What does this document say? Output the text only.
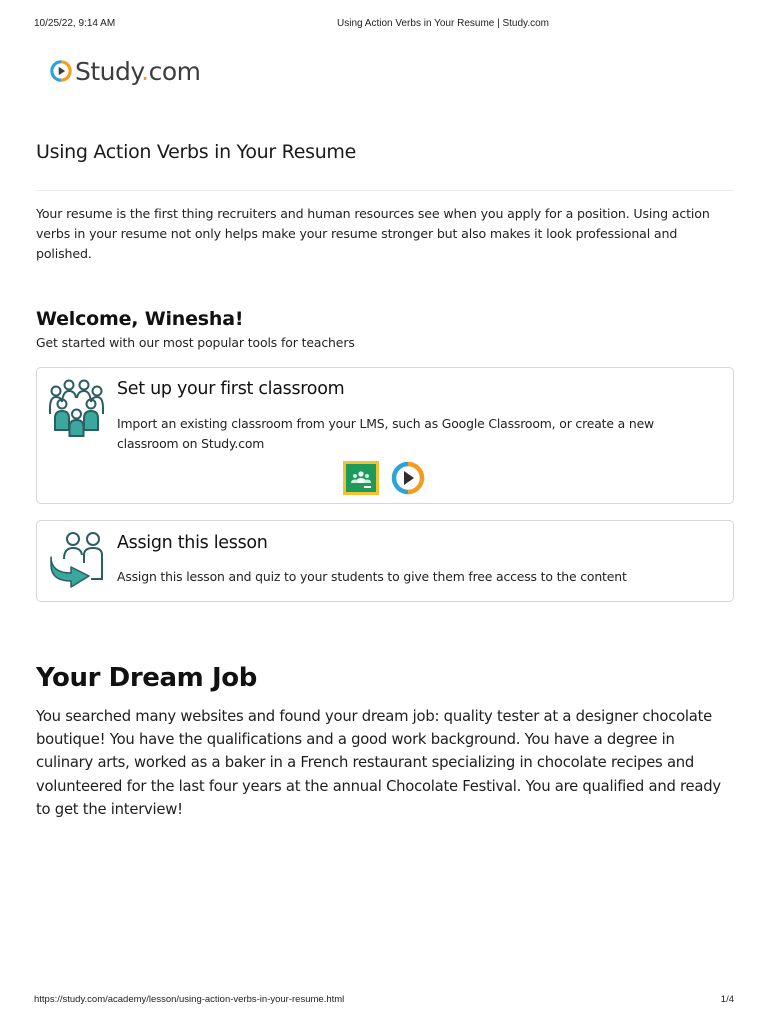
10/25/22, 9:14 AM	Using Action Verbs in Your Resume | Study.com
Study.com
Using Action Verbs in Your Resume

Your resume is the first thing recruiters and human resources see when you apply for a position. Using action verbs in your resume not only helps make your resume stronger but also makes it look professional and polished.

Welcome, Winesha!

Get started with our most popular tools for teachers

Set up your first classroom
Import an existing classroom from your LMS, such as Google Classroom, or create a new classroom on Study.com
Assign this lesson
Assign this lesson and quiz to your students to give them free access to the content
Your Dream Job

You searched many websites and found your dream job: quality tester at a designer chocolate boutique! You have the qualifications and a good work background. You have a degree in culinary arts, worked as a baker in a French restaurant specializing in chocolate recipes and volunteered for the last four years at the annual Chocolate Festival. You are qualified and ready to get the interview!

https://study.com/academy/lesson/using-action-verbs-in-your-resume.html	1/4
